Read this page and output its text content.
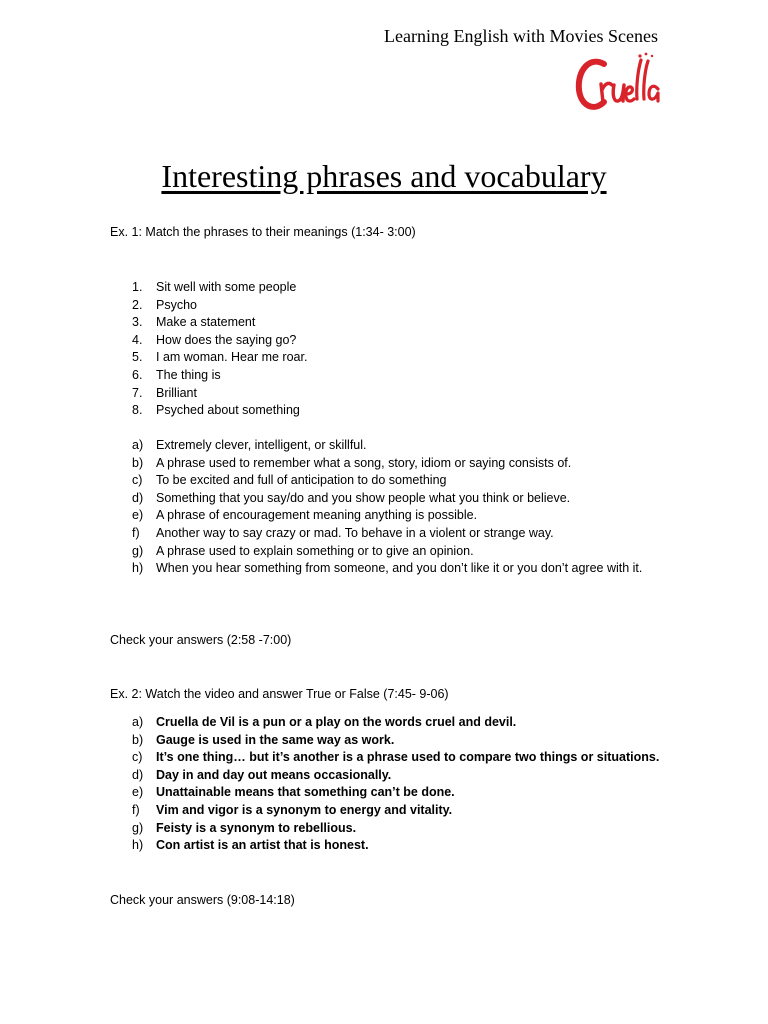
Learning English with Movies Scenes
Interesting phrases and vocabulary
Ex. 1: Match the phrases to their meanings (1:34- 3:00)
1.	Sit well with some people
2.	Psycho
3.	Make a statement
4.	How does the saying go?
5.	I am woman. Hear me roar.
6.	The thing is
7.	Brilliant
8.	Psyched about something
a)	Extremely clever, intelligent, or skillful.
b)	A phrase used to remember what a song, story, idiom or saying consists of.
c)	To be excited and full of anticipation to do something
d)	Something that you say/do and you show people what you think or believe.
e)	A phrase of encouragement meaning anything is possible.
f)	Another way to say crazy or mad. To behave in a violent or strange way.
g)	A phrase used to explain something or to give an opinion.
h)	When you hear something from someone, and you don’t like it or you don’t agree with it.
Check your answers (2:58 -7:00)
Ex. 2: Watch the video and answer True or False (7:45- 9-06)
a)	Cruella de Vil is a pun or a play on the words cruel and devil.
b)	Gauge is used in the same way as work.
c)	It’s one thing… but it’s another is a phrase used to compare two things or situations.
d)	Day in and day out means occasionally.
e)	Unattainable means that something can’t be done.
f)	Vim and vigor is a synonym to energy and vitality.
g)	Feisty is a synonym to rebellious.
h)	Con artist is an artist that is honest.
Check your answers (9:08-14:18)
